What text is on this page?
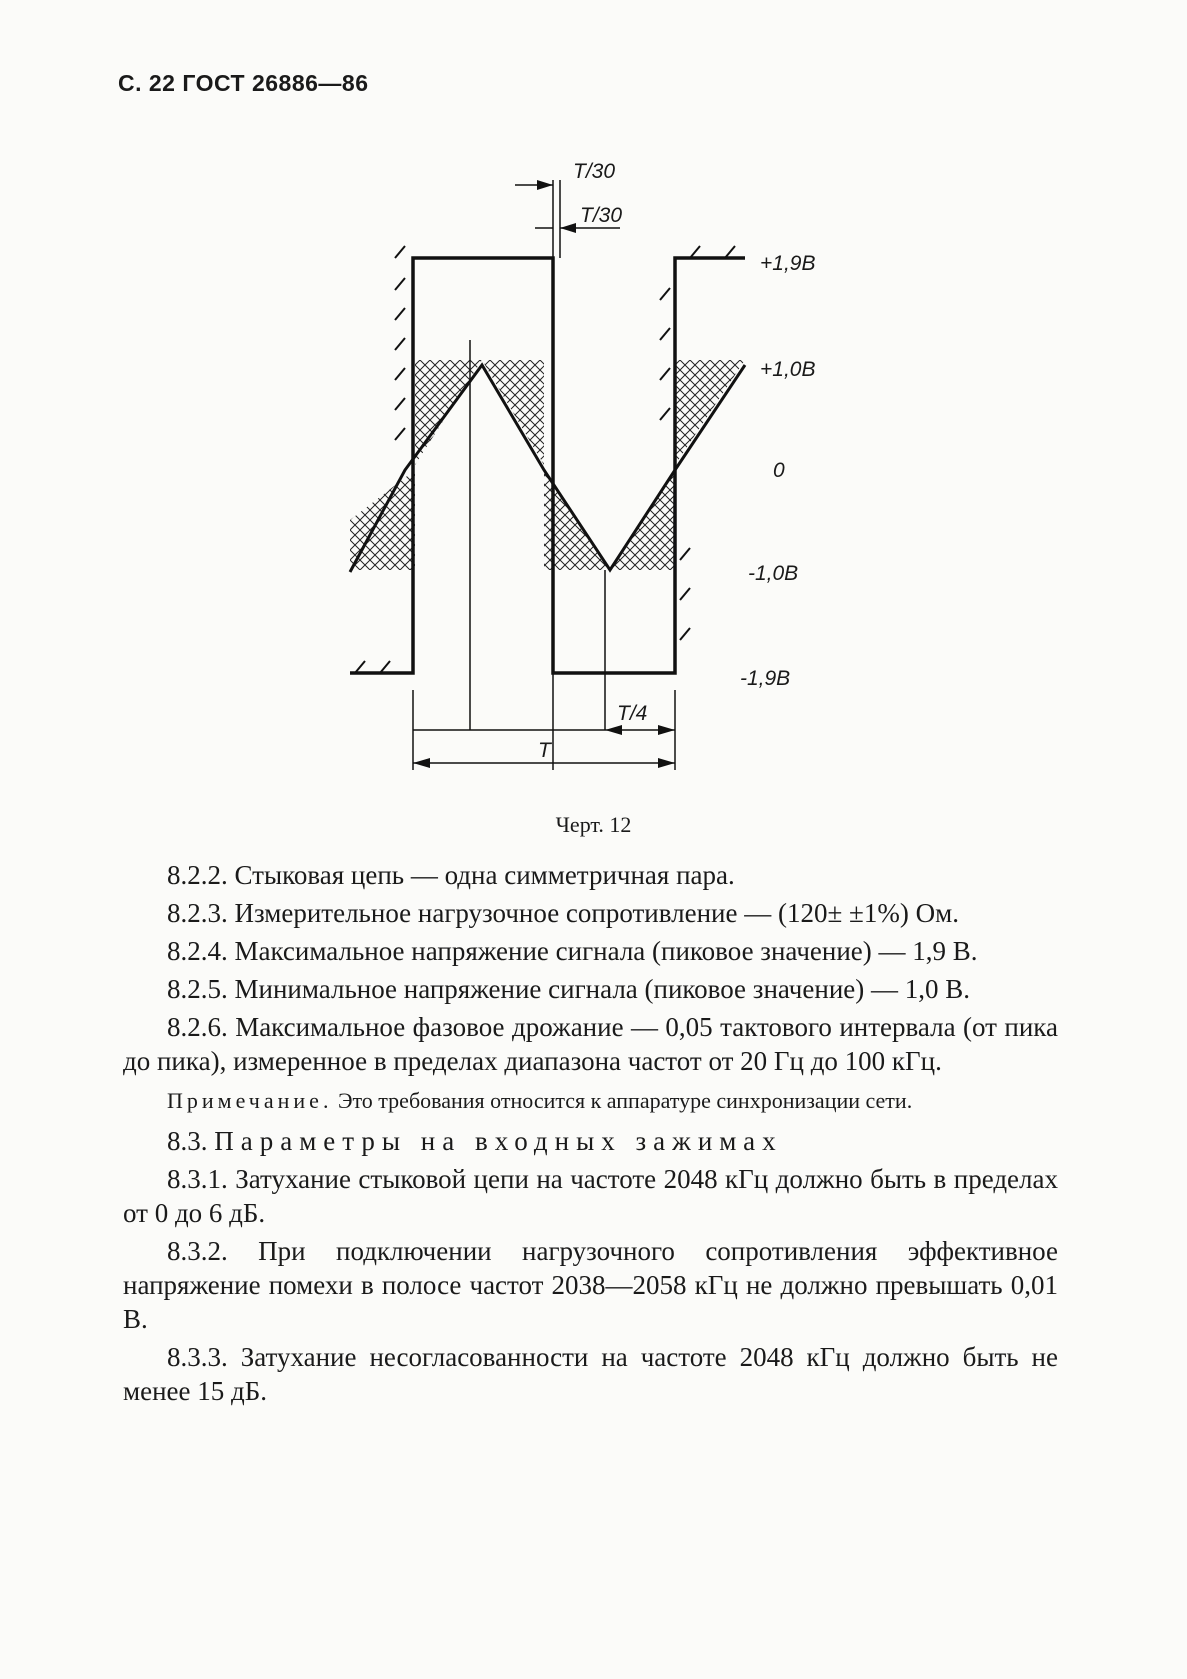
С. 22 ГОСТ 26886—86
T/30
T/30
+1,9В
+1,0В
0
-1,0В
-1,9В
T/4
T
Черт. 12

8.2.2. Стыковая цепь — одна симметричная пара.

8.2.3. Измерительное нагрузочное сопротивление — (120± ±1%) Ом.

8.2.4. Максимальное напряжение сигнала (пиковое значение) — 1,9 В.

8.2.5. Минимальное напряжение сигнала (пиковое значение) — 1,0 В.

8.2.6. Максимальное фазовое дрожание — 0,05 тактового интервала (от пика до пика), измеренное в пределах диапазона частот от 20 Гц до 100 кГц.

Примечание. Это требования относится к аппаратуре синхронизации сети.

8.3. Параметры на входных зажимах

8.3.1. Затухание стыковой цепи на частоте 2048 кГц должно быть в пределах от 0 до 6 дБ.

8.3.2. При подключении нагрузочного сопротивления эффективное напряжение помехи в полосе частот 2038—2058 кГц не должно превышать 0,01 В.

8.3.3. Затухание несогласованности на частоте 2048 кГц должно быть не менее 15 дБ.
